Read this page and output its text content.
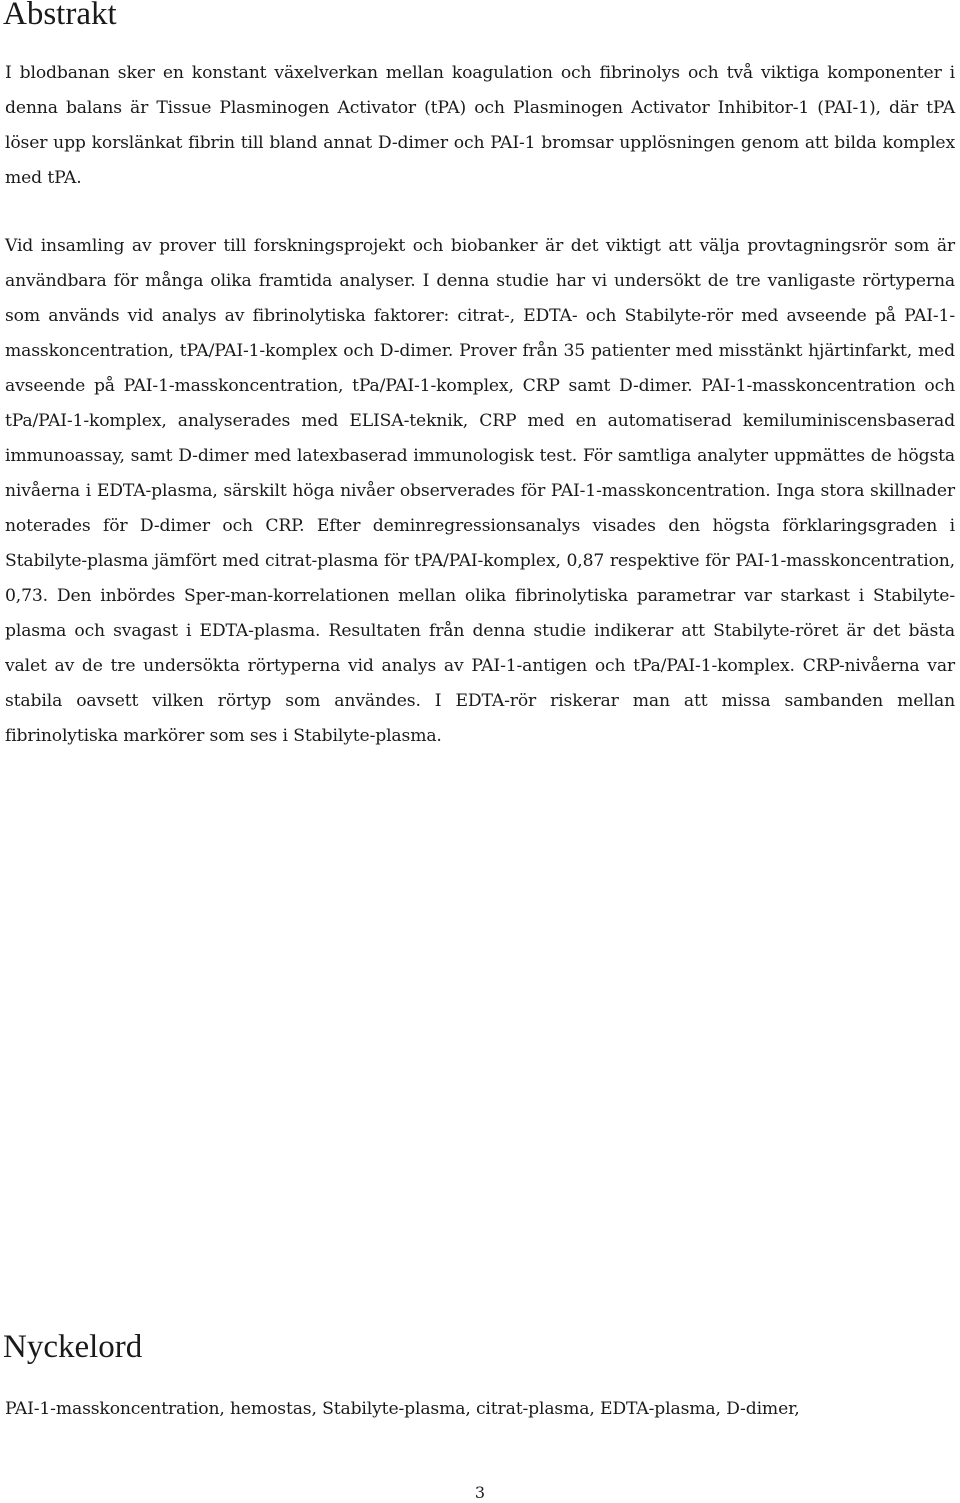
Abstrakt

I blodbanan sker en konstant växelverkan mellan koagulation och fibrinolys och två viktiga komponenter i denna balans är Tissue Plasminogen Activator (tPA) och Plasminogen Activator Inhibitor-1 (PAI-1), där tPA löser upp korslänkat fibrin till bland annat D-dimer och PAI-1 bromsar upplösningen genom att bilda komplex med tPA.

Vid insamling av prover till forskningsprojekt och biobanker är det viktigt att välja provtagningsrör som är användbara för många olika framtida analyser. I denna studie har vi undersökt de tre vanligaste rörtyperna som används vid analys av fibrinolytiska faktorer: citrat-, EDTA- och Stabilyte-rör med avseende på PAI-1-masskoncentration, tPA/PAI-1-komplex och D-dimer. Prover från 35 patienter med misstänkt hjärtinfarkt, med avseende på PAI-1-masskoncentration, tPa/PAI-1-komplex, CRP samt D-dimer. PAI-1-masskoncentration och tPa/PAI-1-komplex, analyserades med ELISA-teknik, CRP med en automatiserad kemiluminiscensbaserad immunoassay, samt D-dimer med latexbaserad immunologisk test. För samtliga analyter uppmättes de högsta nivåerna i EDTA-plasma, särskilt höga nivåer observerades för PAI-1-masskoncentration. Inga stora skillnader noterades för D-dimer och CRP. Efter deminregressionsanalys visades den högsta förklaringsgraden i Stabilyte-plasma jämfört med citrat-plasma för tPA/PAI-komplex, 0,87 respektive för PAI-1-masskoncentration, 0,73. Den inbördes Sper-man-korrelationen mellan olika fibrinolytiska parametrar var starkast i Stabilyte-plasma och svagast i EDTA-plasma. Resultaten från denna studie indikerar att Stabilyte-röret är det bästa valet av de tre undersökta rörtyperna vid analys av PAI-1-antigen och tPa/PAI-1-komplex. CRP-nivåerna var stabila oavsett vilken rörtyp som användes. I EDTA-rör riskerar man att missa sambanden mellan fibrinolytiska markörer som ses i Stabilyte-plasma.

Nyckelord

PAI-1-masskoncentration, hemostas, Stabilyte-plasma, citrat-plasma, EDTA-plasma, D-dimer,

3
